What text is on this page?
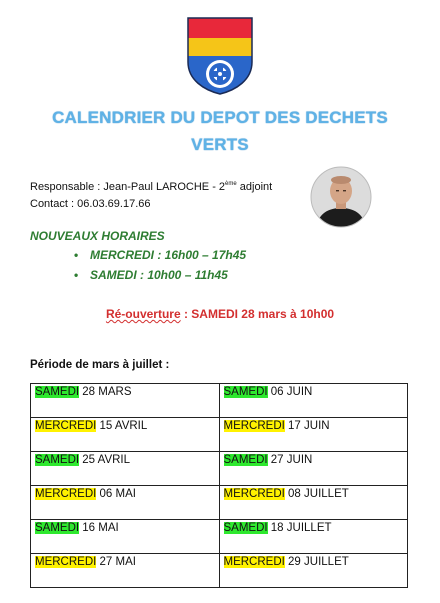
CALENDRIER DU DEPOT DES DECHETS
VERTS
Responsable : Jean-Paul LAROCHE - 2ème adjoint
Contact : 06.03.69.17.66
NOUVEAUX HORAIRES
• MERCREDI : 16h00 – 17h45
• SAMEDI : 10h00 – 11h45
Ré-ouverture : SAMEDI 28 mars à 10h00
Période de mars à juillet :
SAMEDI 28 MARS	SAMEDI 06 JUIN
MERCREDI 15 AVRIL	MERCREDI 17 JUIN
SAMEDI 25 AVRIL	SAMEDI 27 JUIN
MERCREDI 06 MAI	MERCREDI 08 JUILLET
SAMEDI 16 MAI	SAMEDI 18 JUILLET
MERCREDI 27 MAI	MERCREDI 29 JUILLET
